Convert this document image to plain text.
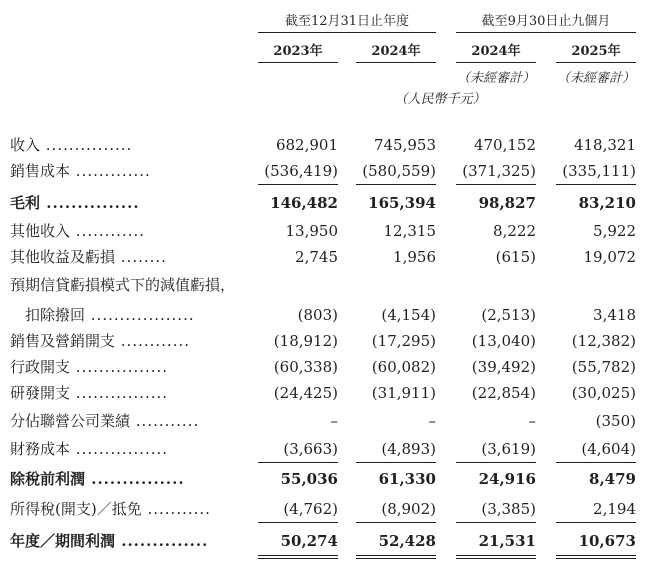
截至12月31日止年度	截至9月30日止九個月
2023年	2024年	2024年	2025年
（未經審計）	（未經審計）
（人民幣千元）
收入 ...............	682,901 745,953	470,152	418,321
銷售成本 .............	(536,419) (580,559) (371,325) (335,111)
毛利 ...............	146,482 165,394	98,827	83,210
其他收入 ............	13,950	12,315	8,222	5,922
其他收益及虧損 ........	2,745	1,956	(615)	19,072
預期信貸虧損模式下的減值虧損，
扣除撥回 ..................	(803)	(4,154)	(2,513)	3,418
銷售及營銷開支 ............	(18,912) (17,295) (13,040) (12,382)
行政開支 ................	(60,338) (60,082) (39,492) (55,782)
研發開支 ................	(24,425) (31,911) (22,854) (30,025)
分佔聯營公司業績 ...........	–	–	–	(350)
財務成本 ................	(3,663)	(4,893)	(3,619)	(4,604)
除稅前利潤 ...............	55,036	61,330	24,916	8,479
所得稅(開支)／抵免 ...........	(4,762)	(8,902)	(3,385)	2,194
年度／期間利潤 ..............	50,274	52,428	21,531	10,673
